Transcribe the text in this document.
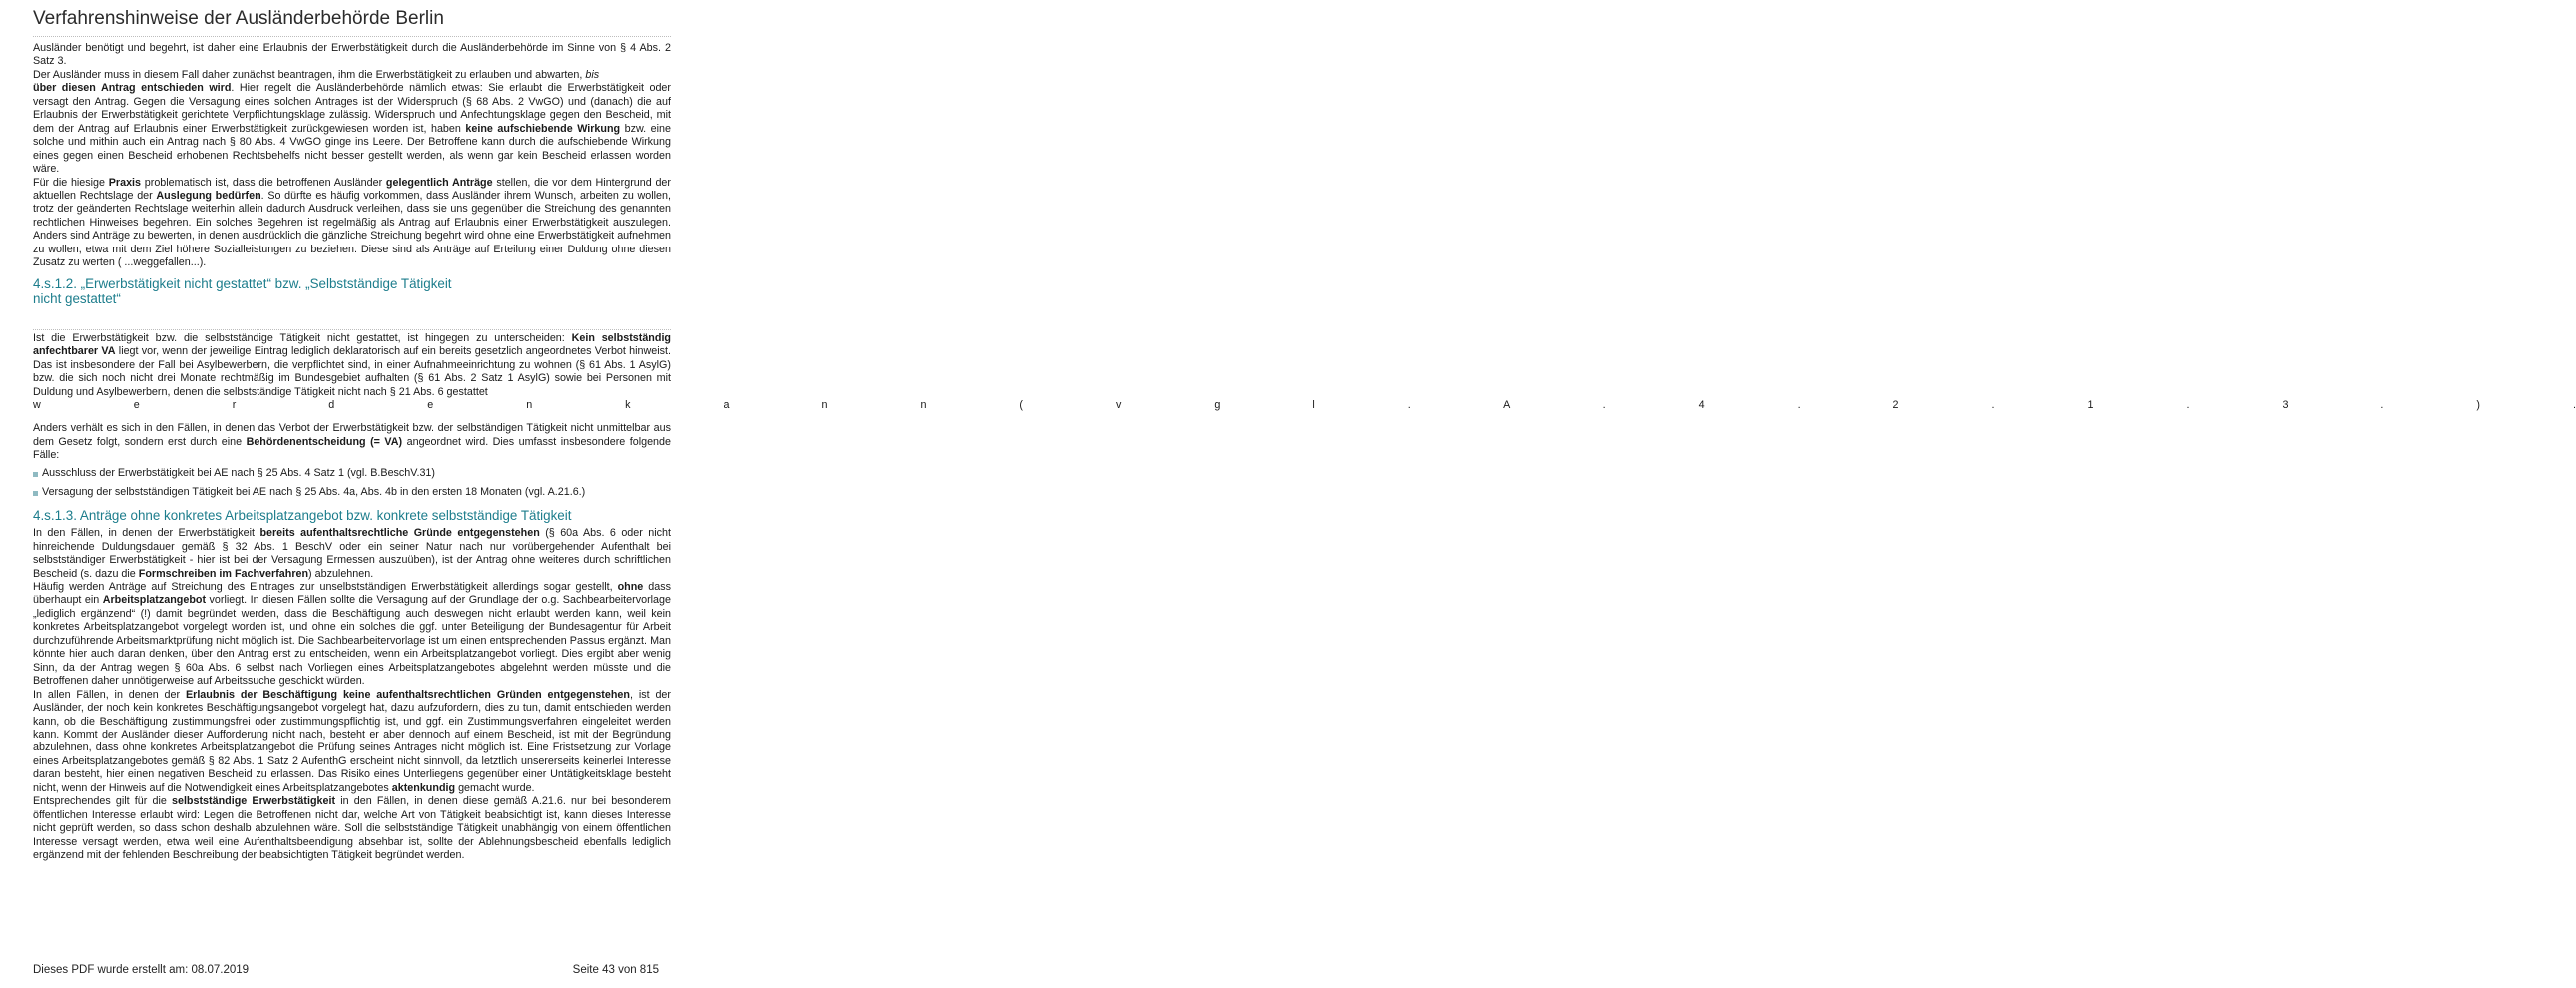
Verfahrenshinweise der Ausländerbehörde Berlin

Ausländer benötigt und begehrt, ist daher eine Erlaubnis der Erwerbstätigkeit durch die Ausländerbehörde im Sinne von § 4 Abs. 2 Satz 3.

Der Ausländer muss in diesem Fall daher zunächst beantragen, ihm die Erwerbstätigkeit zu erlauben und abwarten, bis
über diesen Antrag entschieden wird. Hier regelt die Ausländerbehörde nämlich etwas: Sie erlaubt die Erwerbstätigkeit oder versagt den Antrag. Gegen die Versagung eines solchen Antrages ist der Widerspruch (§ 68 Abs. 2 VwGO) und (danach) die auf Erlaubnis der Erwerbstätigkeit gerichtete Verpflichtungsklage zulässig. Widerspruch und Anfechtungsklage gegen den Bescheid, mit dem der Antrag auf Erlaubnis einer Erwerbstätigkeit zurückgewiesen worden ist, haben keine aufschiebende Wirkung bzw. eine solche und mithin auch ein Antrag nach § 80 Abs. 4 VwGO ginge ins Leere. Der Betroffene kann durch die aufschiebende Wirkung eines gegen einen Bescheid erhobenen Rechtsbehelfs nicht besser gestellt werden, als wenn gar kein Bescheid erlassen worden wäre.

Für die hiesige Praxis problematisch ist, dass die betroffenen Ausländer gelegentlich Anträge stellen, die vor dem Hintergrund der aktuellen Rechtslage der Auslegung bedürfen. So dürfte es häufig vorkommen, dass Ausländer ihrem Wunsch, arbeiten zu wollen, trotz der geänderten Rechtslage weiterhin allein dadurch Ausdruck verleihen, dass sie uns gegenüber die Streichung des genannten rechtlichen Hinweises begehren. Ein solches Begehren ist regelmäßig als Antrag auf Erlaubnis einer Erwerbstätigkeit auszulegen. Anders sind Anträge zu bewerten, in denen ausdrücklich die gänzliche Streichung begehrt wird ohne eine Erwerbstätigkeit aufnehmen zu wollen, etwa mit dem Ziel höhere Sozialleistungen zu beziehen. Diese sind als Anträge auf Erteilung einer Duldung ohne diesen Zusatz zu werten ( ...weggefallen...).

4.s.1.2. „Erwerbstätigkeit nicht gestattet“ bzw. „Selbstständige Tätigkeit
nicht gestattet“

Ist die Erwerbstätigkeit bzw. die selbstständige Tätigkeit nicht gestattet, ist hingegen zu unterscheiden: Kein selbstständig anfechtbarer VA liegt vor, wenn der jeweilige Eintrag lediglich deklaratorisch auf ein bereits gesetzlich angeordnetes Verbot hinweist. Das ist insbesondere der Fall bei Asylbewerbern, die verpflichtet sind, in einer Aufnahmeeinrichtung zu wohnen (§ 61 Abs. 1 AsylG) bzw. die sich noch nicht drei Monate rechtmäßig im Bundesgebiet aufhalten (§ 61 Abs. 2 Satz 1 AsylG) sowie bei Personen mit Duldung und Asylbewerbern, denen die selbstständige Tätigkeit nicht nach § 21 Abs. 6 gestattet

w e r d e n k a n n ( v g l . A . 4 . 2 . 1 . 3 . ) .

Anders verhält es sich in den Fällen, in denen das Verbot der Erwerbstätigkeit bzw. der selbständigen Tätigkeit nicht unmittelbar aus dem Gesetz folgt, sondern erst durch eine Behördenentscheidung (= VA) angeordnet wird. Dies umfasst insbesondere folgende Fälle:

Ausschluss der Erwerbstätigkeit bei AE nach § 25 Abs. 4 Satz 1 (vgl. B.BeschV.31)
Versagung der selbstständigen Tätigkeit bei AE nach § 25 Abs. 4a, Abs. 4b in den ersten 18 Monaten (vgl. A.21.6.)
4.s.1.3. Anträge ohne konkretes Arbeitsplatzangebot bzw. konkrete selbstständige Tätigkeit

In den Fällen, in denen der Erwerbstätigkeit bereits aufenthaltsrechtliche Gründe entgegenstehen (§ 60a Abs. 6 oder nicht hinreichende Duldungsdauer gemäß § 32 Abs. 1 BeschV oder ein seiner Natur nach nur vorübergehender Aufenthalt bei selbstständiger Erwerbstätigkeit - hier ist bei der Versagung Ermessen auszuüben), ist der Antrag ohne weiteres durch schriftlichen Bescheid (s. dazu die Formschreiben im Fachverfahren) abzulehnen.

Häufig werden Anträge auf Streichung des Eintrages zur unselbstständigen Erwerbstätigkeit allerdings sogar gestellt, ohne dass überhaupt ein Arbeitsplatzangebot vorliegt. In diesen Fällen sollte die Versagung auf der Grundlage der o.g. Sachbearbeitervorlage „lediglich ergänzend“ (!) damit begründet werden, dass die Beschäftigung auch deswegen nicht erlaubt werden kann, weil kein konkretes Arbeitsplatzangebot vorgelegt worden ist, und ohne ein solches die ggf. unter Beteiligung der Bundesagentur für Arbeit durchzuführende Arbeitsmarktprüfung nicht möglich ist. Die Sachbearbeitervorlage ist um einen entsprechenden Passus ergänzt. Man könnte hier auch daran denken, über den Antrag erst zu entscheiden, wenn ein Arbeitsplatzangebot vorliegt. Dies ergibt aber wenig Sinn, da der Antrag wegen § 60a Abs. 6 selbst nach Vorliegen eines Arbeitsplatzangebotes abgelehnt werden müsste und die Betroffenen daher unnötigerweise auf Arbeitssuche geschickt würden.

In allen Fällen, in denen der Erlaubnis der Beschäftigung keine aufenthaltsrechtlichen Gründen entgegenstehen, ist der Ausländer, der noch kein konkretes Beschäftigungsangebot vorgelegt hat, dazu aufzufordern, dies zu tun, damit entschieden werden kann, ob die Beschäftigung zustimmungsfrei oder zustimmungspflichtig ist, und ggf. ein Zustimmungsverfahren eingeleitet werden kann. Kommt der Ausländer dieser Aufforderung nicht nach, besteht er aber dennoch auf einem Bescheid, ist mit der Begründung abzulehnen, dass ohne konkretes Arbeitsplatzangebot die Prüfung seines Antrages nicht möglich ist. Eine Fristsetzung zur Vorlage eines Arbeitsplatzangebotes gemäß § 82 Abs. 1 Satz 2 AufenthG erscheint nicht sinnvoll, da letztlich unsererseits keinerlei Interesse daran besteht, hier einen negativen Bescheid zu erlassen. Das Risiko eines Unterliegens gegenüber einer Untätigkeitsklage besteht nicht, wenn der Hinweis auf die Notwendigkeit eines Arbeitsplatzangebotes aktenkundig gemacht wurde.

Entsprechendes gilt für die selbstständige Erwerbstätigkeit in den Fällen, in denen diese gemäß A.21.6. nur bei besonderem öffentlichen Interesse erlaubt wird: Legen die Betroffenen nicht dar, welche Art von Tätigkeit beabsichtigt ist, kann dieses Interesse nicht geprüft werden, so dass schon deshalb abzulehnen wäre. Soll die selbstständige Tätigkeit unabhängig von einem öffentlichen Interesse versagt werden, etwa weil eine Aufenthaltsbeendigung absehbar ist, sollte der Ablehnungsbescheid ebenfalls lediglich ergänzend mit der fehlenden Beschreibung der beabsichtigten Tätigkeit begründet werden.

Dieses PDF wurde erstellt am: 08.07.2019	Seite 43 von 815
